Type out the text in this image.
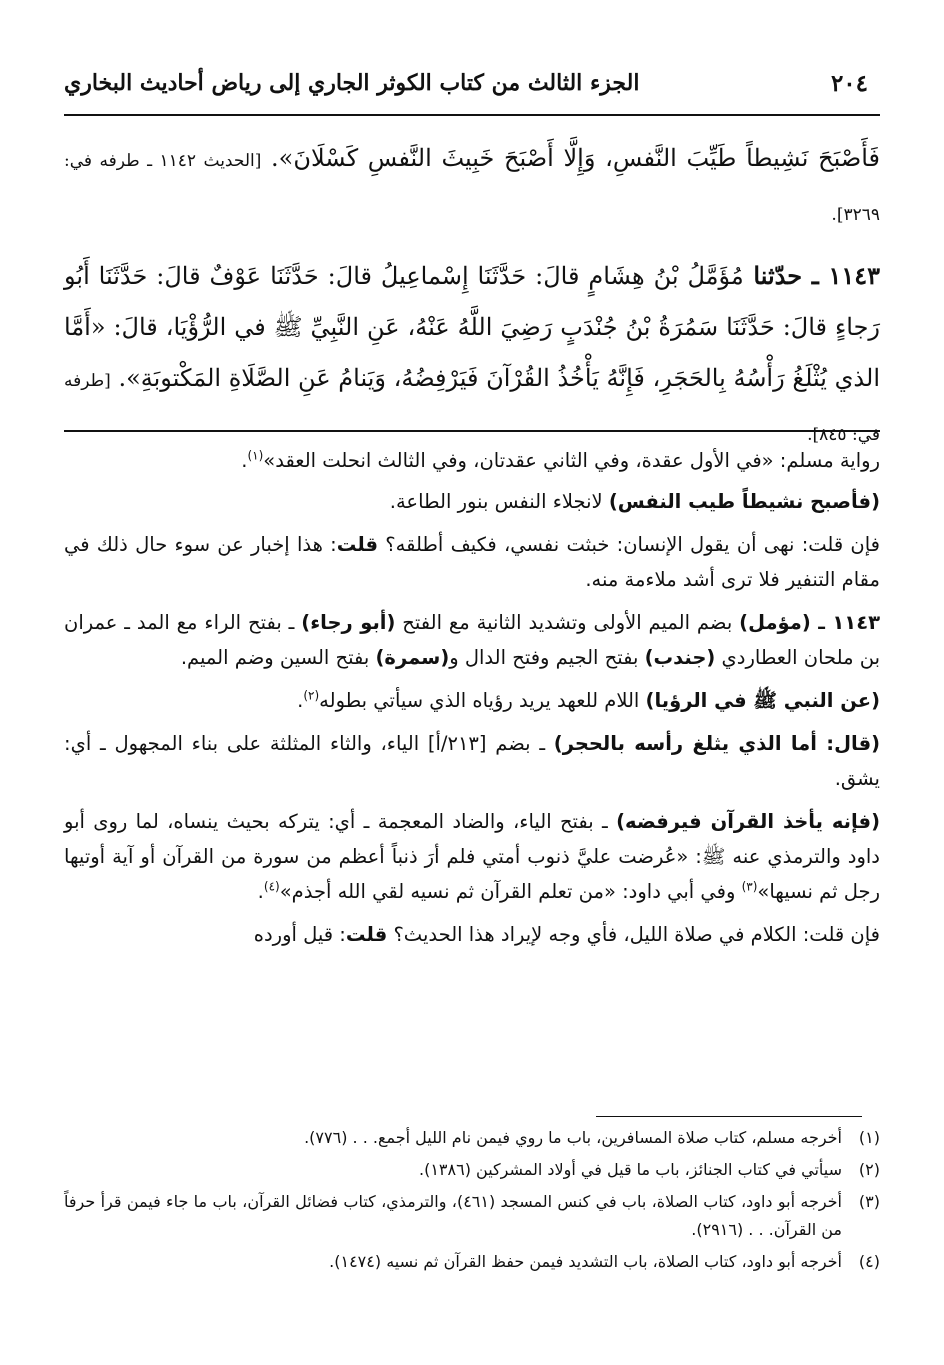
٢٠٤
الجزء الثالث من كتاب الكوثر الجاري إلى رياض أحاديث البخاري

فَأَصْبَحَ نَشِيطاً طَيِّبَ النَّفسِ، وَإِلَّا أَصْبَحَ خَبِيثَ النَّفسِ كَسْلَانَ». [الحديث ١١٤٢ ـ طرفه في: ٣٢٦٩].

١١٤٣ ـ حدّثنا مُؤَمَّلُ بْنُ هِشَامٍ قالَ: حَدَّثَنَا إِسْماعِيلُ قالَ: حَدَّثَنَا عَوْفٌ قالَ: حَدَّثَنَا أَبُو رَجاءٍ قالَ: حَدَّثَنَا سَمُرَةُ بْنُ جُنْدَبٍ رَضِيَ اللَّهُ عَنْهُ، عَنِ النَّبِيِّ ﷺ في الرُّؤْيَا، قالَ: «أَمَّا الذي يُثْلَغُ رَأْسُهُ بِالحَجَرِ، فَإِنَّهُ يَأْخُذُ القُرْآنَ فَيَرْفِضُهُ، وَيَنامُ عَنِ الصَّلَاةِ المَكْتوبَةِ». [طرفه في: ٨٤٥].

رواية مسلم: «في الأول عقدة، وفي الثاني عقدتان، وفي الثالث انحلت العقد»$^{(١)}$.

(فأصبح نشيطاً طيب النفس) لانجلاء النفس بنور الطاعة.

فإن قلت: نهى أن يقول الإنسان: خبثت نفسي، فكيف أطلقه؟ قلت: هذا إخبار عن سوء حال ذلك في مقام التنفير فلا ترى أشد ملاءمة منه.

١١٤٣ ـ (مؤمل) بضم الميم الأولى وتشديد الثانية مع الفتح (أبو رجاء) ـ بفتح الراء مع المد ـ عمران بن ملحان العطاردي (جندب) بفتح الجيم وفتح الدال و(سمرة) بفتح السين وضم الميم.

(عن النبي ﷺ في الرؤيا) اللام للعهد يريد رؤياه الذي سيأتي بطوله$^{(٢)}$.

(قال: أما الذي يثلغ رأسه بالحجر) ـ بضم [٢١٣/أ] الياء، والثاء المثلثة على بناء المجهول ـ أي: يشق.

(فإنه يأخذ القرآن فيرفضه) ـ بفتح الياء، والضاد المعجمة ـ أي: يتركه بحيث ينساه، لما روى أبو داود والترمذي عنه ﷺ: «عُرضت عليَّ ذنوب أمتي فلم أرَ ذنباً أعظم من سورة من القرآن أو آية أوتيها رجل ثم نسيها»$^{(٣)}$ وفي أبي داود: «من تعلم القرآن ثم نسيه لقي الله أجذم»$^{(٤)}$.

فإن قلت: الكلام في صلاة الليل، فأي وجه لإيراد هذا الحديث؟ قلت: قيل أورده

(١)
أخرجه مسلم، كتاب صلاة المسافرين، باب ما روي فيمن نام الليل أجمع. . . (٧٧٦).
(٢)
سيأتي في كتاب الجنائز، باب ما قيل في أولاد المشركين (١٣٨٦).
(٣)
أخرجه أبو داود، كتاب الصلاة، باب في كنس المسجد (٤٦١)، والترمذي، كتاب فضائل القرآن، باب ما جاء فيمن قرأ حرفاً من القرآن. . . (٢٩١٦).
(٤)
أخرجه أبو داود، كتاب الصلاة، باب التشديد فيمن حفظ القرآن ثم نسيه (١٤٧٤).
